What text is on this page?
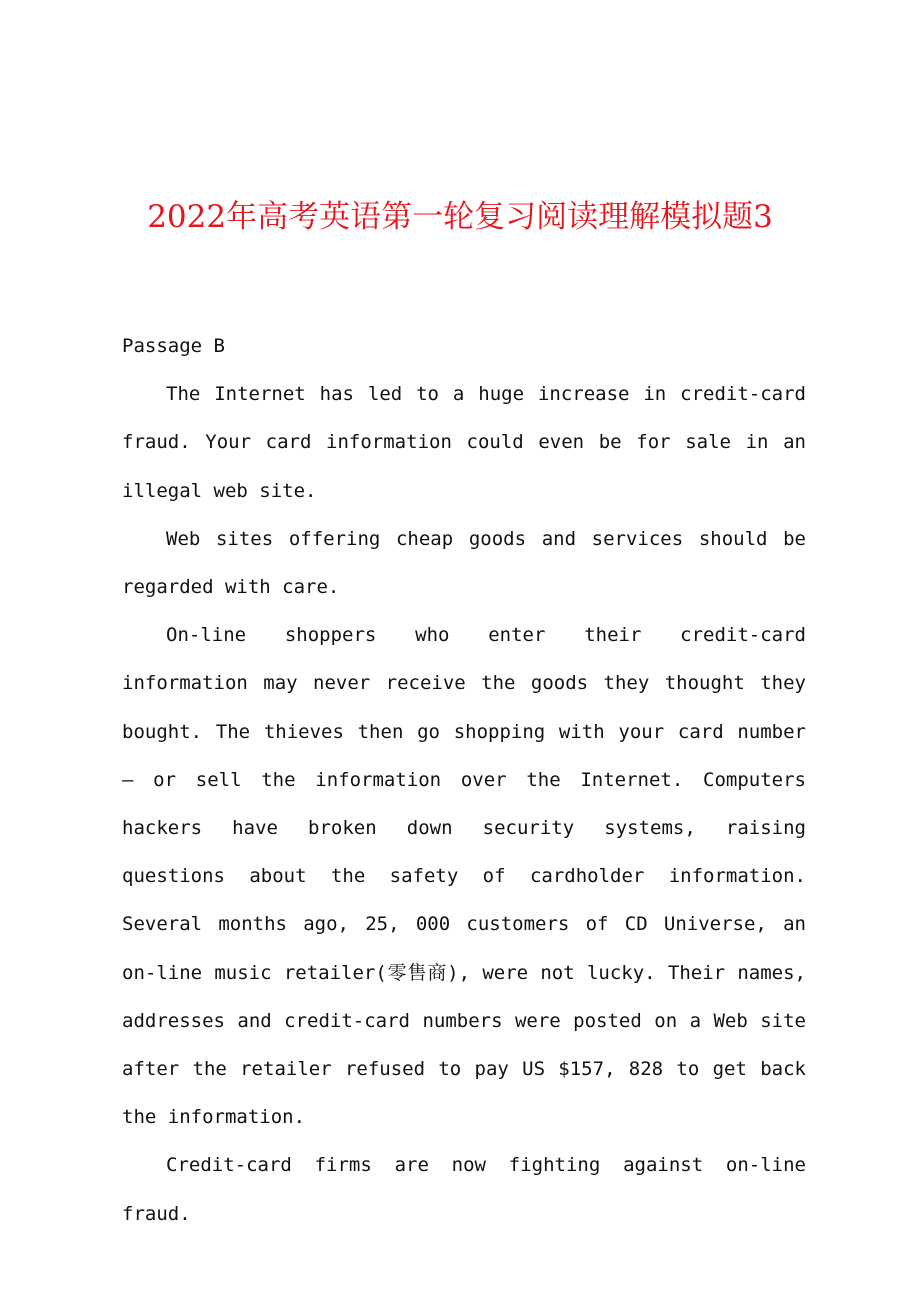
2022年高考英语第一轮复习阅读理解模拟题3

Passage B

The Internet has led to a huge increase in credit-card fraud. Your card information could even be for sale in an illegal web site.

Web sites offering cheap goods and services should be regarded with care.

On-line shoppers who enter their credit-card information may never receive the goods they thought they bought. The thieves then go shopping with your card number — or sell the information over the Internet. Computers hackers have broken down security systems, raising questions about the safety of cardholder information. Several months ago, 25, 000 customers of CD Universe, an on-line music retailer(零售商), were not lucky. Their names, addresses and credit-card numbers were posted on a Web site after the retailer refused to pay US $157, 828 to get back the information.

Credit-card firms are now fighting against on-line fraud.
